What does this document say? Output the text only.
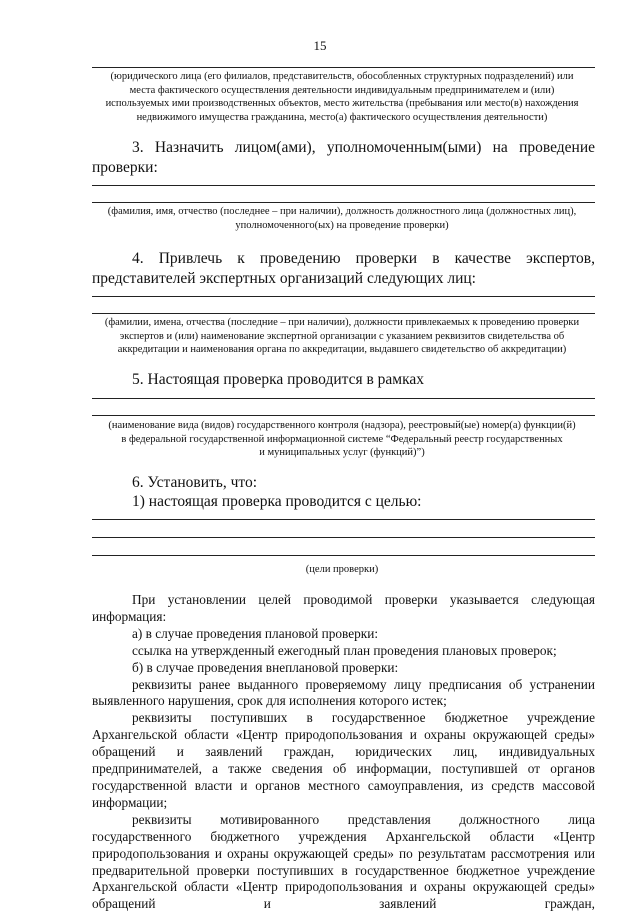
15
(юридического лица (его филиалов, представительств, обособленных структурных подразделений) или
места фактического осуществления деятельности индивидуальным предпринимателем и (или)
используемых ими производственных объектов, место жительства (пребывания или место(в) нахождения
недвижимого имущества гражданина, место(а) фактического осуществления деятельности)
3. Назначить лицом(ами), уполномоченным(ыми) на проведение
проверки:
(фамилия, имя, отчество (последнее – при наличии), должность должностного лица (должностных лиц),
уполномоченного(ых) на проведение проверки)
4. Привлечь к проведению проверки в качестве экспертов,
представителей экспертных организаций следующих лиц:
(фамилии, имена, отчества (последние – при наличии), должности привлекаемых к проведению проверки
экспертов и (или) наименование экспертной организации с указанием реквизитов свидетельства об
аккредитации и наименования органа по аккредитации, выдавшего свидетельство об аккредитации)
5. Настоящая проверка проводится в рамках
(наименование вида (видов) государственного контроля (надзора), реестровый(ые) номер(а) функции(й)
в федеральной государственной информационной системе “Федеральный реестр государственных
и муниципальных услуг (функций)”)
6. Установить, что:
1) настоящая проверка проводится с целью:
(цели проверки)

При установлении целей проводимой проверки указывается следующая информация:

а) в случае проведения плановой проверки:

ссылка на утвержденный ежегодный план проведения плановых проверок;

б) в случае проведения внеплановой проверки:

реквизиты ранее выданного проверяемому лицу предписания об устранении выявленного нарушения, срок для исполнения которого истек;

реквизиты поступивших в государственное бюджетное учреждение Архангельской области «Центр природопользования и охраны окружающей среды» обращений и заявлений граждан, юридических лиц, индивидуальных предпринимателей, а также сведения об информации, поступившей от органов государственной власти и органов местного самоуправления, из средств массовой информации;

реквизиты мотивированного представления должностного лица государственного бюджетного учреждения Архангельской области «Центр природопользования и охраны окружающей среды» по результатам рассмотрения или предварительной проверки поступивших в государственное бюджетное учреждение Архангельской области «Центр природопользования и охраны окружающей среды» обращений и заявлений граждан,
